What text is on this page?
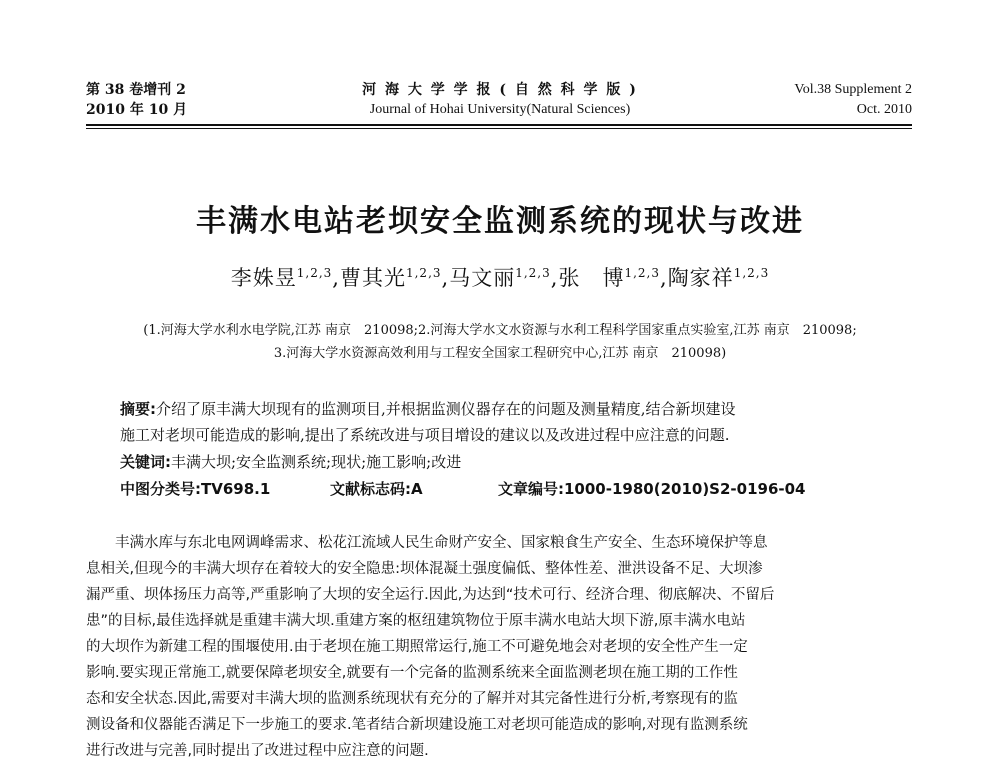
第 38 卷增刊 2
2010 年 10 月
河 海 大 学 学 报 ( 自 然 科 学 版 )
Journal of Hohai University(Natural Sciences)
Vol.38 Supplement 2
Oct. 2010
丰满水电站老坝安全监测系统的现状与改进
李姝昱$^{1,2,3}$,曹其光$^{1,2,3}$,马文丽$^{1,2,3}$,张　博$^{1,2,3}$,陶家祥$^{1,2,3}$
(1.河海大学水利水电学院,江苏 南京　210098;2.河海大学水文水资源与水利工程科学国家重点实验室,江苏 南京　210098;
3.河海大学水资源高效利用与工程安全国家工程研究中心,江苏 南京　210098)
摘要:介绍了原丰满大坝现有的监测项目,并根据监测仪器存在的问题及测量精度,结合新坝建设
施工对老坝可能造成的影响,提出了系统改进与项目增设的建议以及改进过程中应注意的问题.
关键词:丰满大坝;安全监测系统;现状;施工影响;改进
中图分类号:TV698.1	文献标志码:A	文章编号:1000-1980(2010)S2-0196-04
丰满水库与东北电网调峰需求、松花江流域人民生命财产安全、国家粮食生产安全、生态环境保护等息
息相关,但现今的丰满大坝存在着较大的安全隐患:坝体混凝土强度偏低、整体性差、泄洪设备不足、大坝渗
漏严重、坝体扬压力高等,严重影响了大坝的安全运行.因此,为达到“技术可行、经济合理、彻底解决、不留后
患”的目标,最佳选择就是重建丰满大坝.重建方案的枢纽建筑物位于原丰满水电站大坝下游,原丰满水电站
的大坝作为新建工程的围堰使用.由于老坝在施工期照常运行,施工不可避免地会对老坝的安全性产生一定
影响.要实现正常施工,就要保障老坝安全,就要有一个完备的监测系统来全面监测老坝在施工期的工作性
态和安全状态.因此,需要对丰满大坝的监测系统现状有充分的了解并对其完备性进行分析,考察现有的监
测设备和仪器能否满足下一步施工的要求.笔者结合新坝建设施工对老坝可能造成的影响,对现有监测系统
进行改进与完善,同时提出了改进过程中应注意的问题.
